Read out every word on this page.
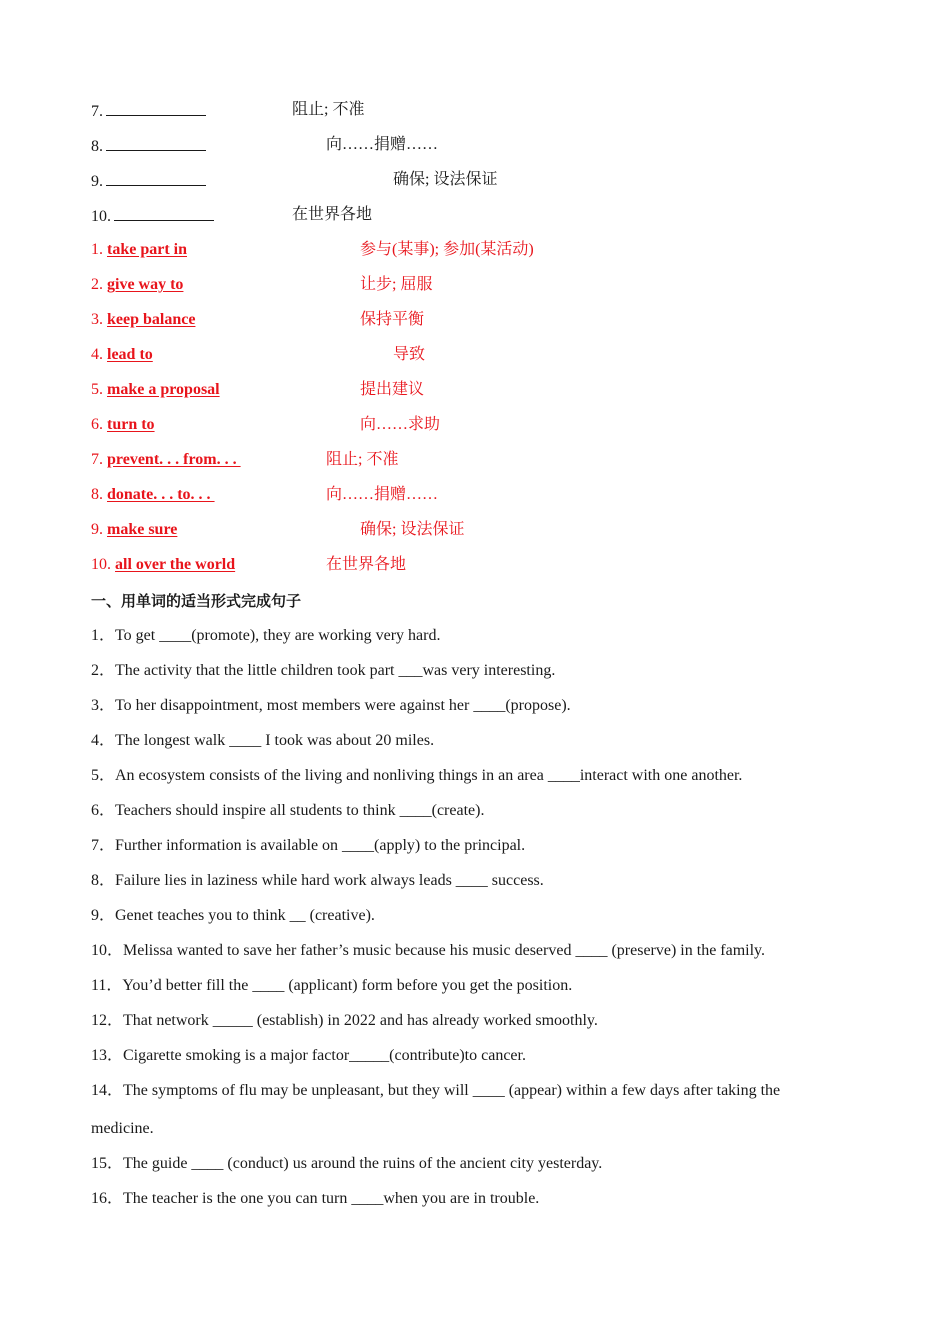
7.	阻止; 不准
8.	向……捐赠……
9.	确保; 设法保证
10.	在世界各地
1. take part in	参与(某事); 参加(某活动)
2. give way to	让步; 屈服
3. keep balance	保持平衡
4. lead to	导致
5. make a proposal	提出建议
6. turn to	向……求助
7. prevent. . . from. . .	阻止; 不准
8. donate. . . to. . .	向……捐赠……
9. make sure	确保; 设法保证
10. all over the world	在世界各地
一、用单词的适当形式完成句子
1．To get ____(promote), they are working very hard.
2．The activity that the little children took part ___was very interesting.
3．To her disappointment, most members were against her ____(propose).
4．The longest walk ____ I took was about 20 miles.
5．An ecosystem consists of the living and nonliving things in an area ____interact with one another.
6．Teachers should inspire all students to think ____(create).
7．Further information is available on ____(apply) to the principal.
8．Failure lies in laziness while hard work always leads ____ success.
9．Genet teaches you to think __ (creative).
10．Melissa wanted to save her father’s music because his music deserved ____ (preserve) in the family.
11．You’d better fill the ____ (applicant) form before you get the position.
12．That network _____ (establish) in 2022 and has already worked smoothly.
13．Cigarette smoking is a major factor_____(contribute)to cancer.
14．The symptoms of flu may be unpleasant, but they will ____ (appear) within a few days after taking the
medicine.
15．The guide ____ (conduct) us around the ruins of the ancient city yesterday.
16．The teacher is the one you can turn ____when you are in trouble.
